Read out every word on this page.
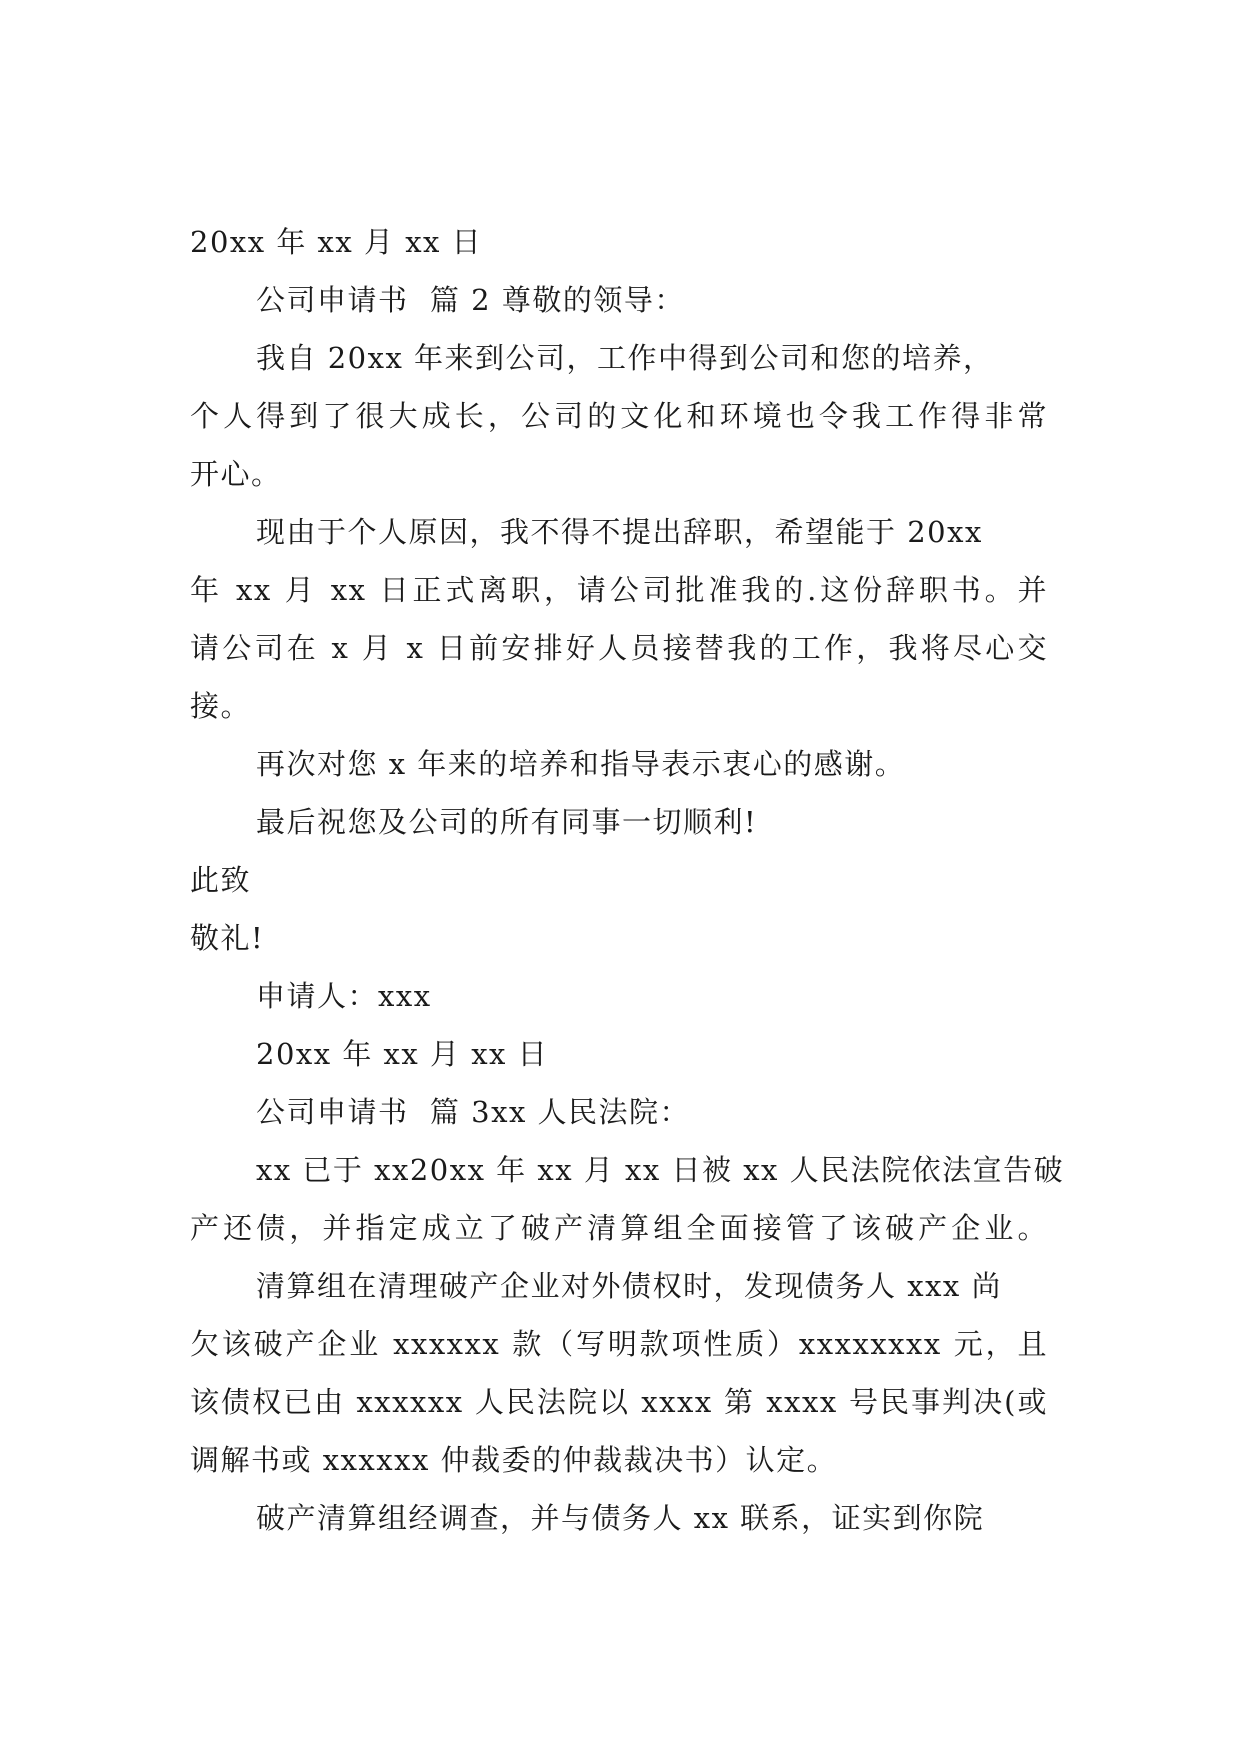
20xx 年 xx 月 xx 日
公司申请书  篇 2 尊敬的领导：
我自 20xx 年来到公司，工作中得到公司和您的培养，
个人得到了很大成长，公司的文化和环境也令我工作得非常
开心。
现由于个人原因，我不得不提出辞职，希望能于 20xx
年 xx 月 xx 日正式离职，请公司批准我的.这份辞职书。并
请公司在 x 月 x 日前安排好人员接替我的工作，我将尽心交
接。
再次对您 x 年来的培养和指导表示衷心的感谢。
最后祝您及公司的所有同事一切顺利!
此致
敬礼!
申请人：xxx
20xx 年 xx 月 xx 日
公司申请书  篇 3xx 人民法院：
xx 已于 xx20xx 年 xx 月 xx 日被 xx 人民法院依法宣告破
产还债，并指定成立了破产清算组全面接管了该破产企业。
清算组在清理破产企业对外债权时，发现债务人 xxx 尚
欠该破产企业 xxxxxx 款（写明款项性质）xxxxxxxx 元，且
该债权已由 xxxxxx 人民法院以 xxxx 第 xxxx 号民事判决(或
调解书或 xxxxxx 仲裁委的仲裁裁决书）认定。
破产清算组经调查，并与债务人 xx 联系，证实到你院
